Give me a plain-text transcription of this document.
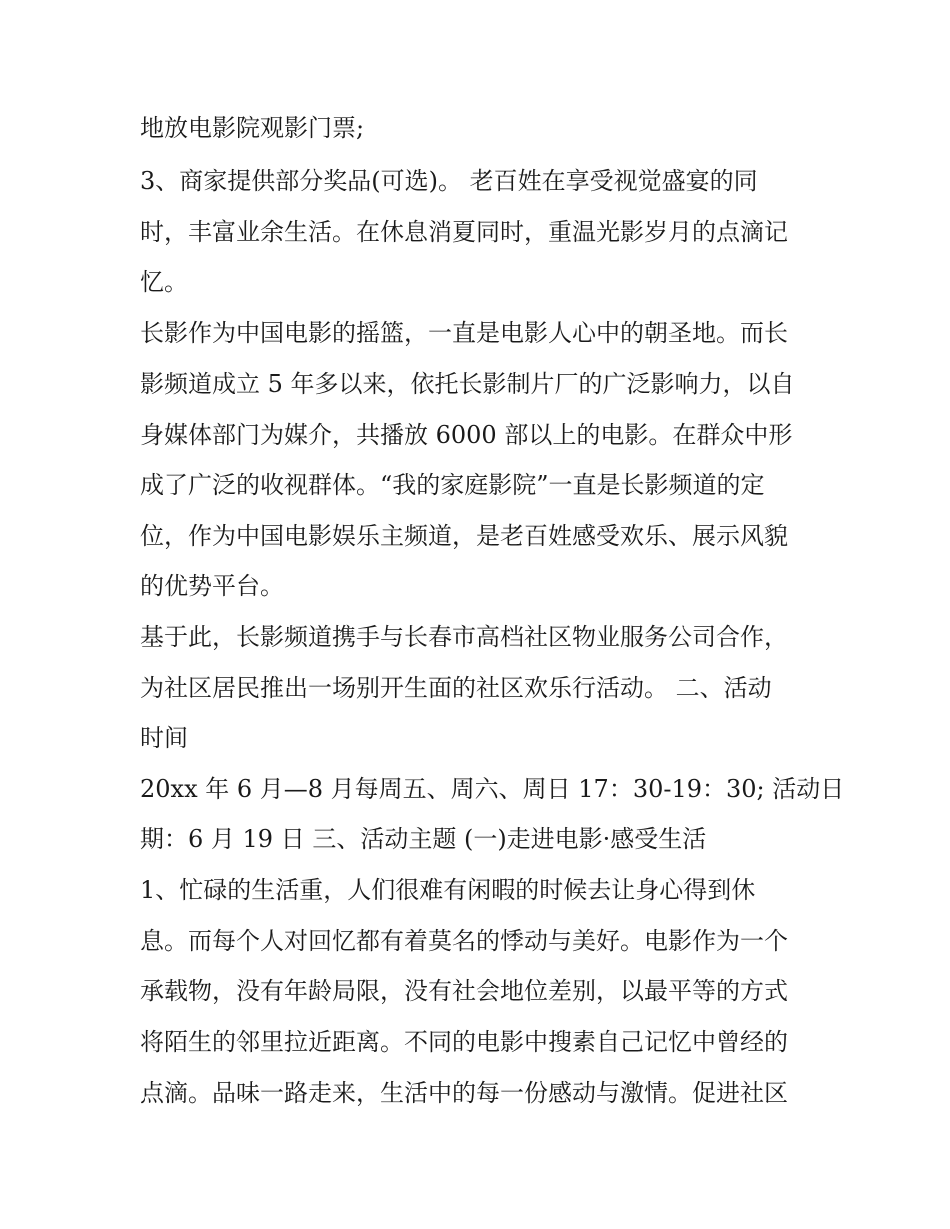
地放电影院观影门票;
3、商家提供部分奖品(可选)。 老百姓在享受视觉盛宴的同
时，丰富业余生活。在休息消夏同时，重温光影岁月的点滴记
忆。
长影作为中国电影的摇篮，一直是电影人心中的朝圣地。而长
影频道成立 5 年多以来，依托长影制片厂的广泛影响力，以自
身媒体部门为媒介，共播放 6000 部以上的电影。在群众中形
成了广泛的收视群体。“我的家庭影院”一直是长影频道的定
位，作为中国电影娱乐主频道，是老百姓感受欢乐、展示风貌
的优势平台。
基于此，长影频道携手与长春市高档社区物业服务公司合作，
为社区居民推出一场别开生面的社区欢乐行活动。 二、活动
时间
20xx 年 6 月—8 月每周五、周六、周日 17：30-19：30; 活动日
期：6 月 19 日 三、活动主题 (一)走进电影·感受生活
1、忙碌的生活重，人们很难有闲暇的时候去让身心得到休
息。而每个人对回忆都有着莫名的悸动与美好。电影作为一个
承载物，没有年龄局限，没有社会地位差别，以最平等的方式
将陌生的邻里拉近距离。不同的电影中搜素自己记忆中曾经的
点滴。品味一路走来，生活中的每一份感动与激情。促进社区
